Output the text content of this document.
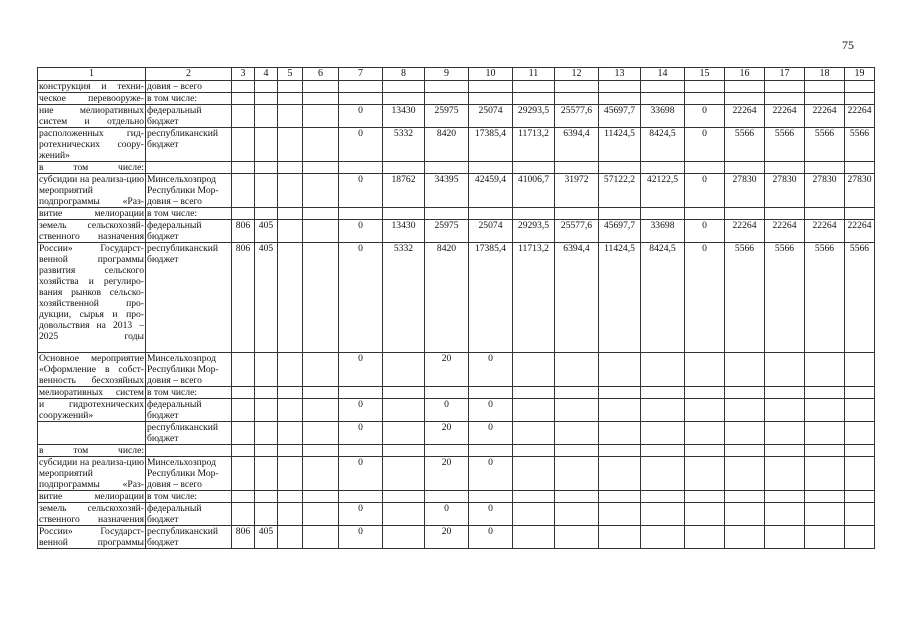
75
1	2	3	4	5	6	7	8	9	10	11	12	13	14	15	16	17	18	19
конструкция и техни-	довия – всего																	
ческое перевооруже-	в том числе:																	
ние мелиоративных систем и отдельно	федеральный бюджет					0	13430	25975	25074	29293,5	25577,6	45697,7	33698	0	22264	22264	22264	22264
расположенных гид-ротехнических соору-жений»	республиканский бюджет					0	5332	8420	17385,4	11713,2	6394,4	11424,5	8424,5	0	5566	5566	5566	5566
в том числе:																		
субсидии на реализа-цию мероприятий подпрограммы «Раз-	Минсельхозпрод Республики Мор-довия – всего					0	18762	34395	42459,4	41006,7	31972	57122,2	42122,5	0	27830	27830	27830	27830
витие мелиорации	в том числе:																	
земель сельскохозяй-ственного назначения	федеральный бюджет	806	405			0	13430	25975	25074	29293,5	25577,6	45697,7	33698	0	22264	22264	22264	22264
России» Государст-венной программы развития сельского хозяйства и регулиро-вания рынков сельско-хозяйственной про-дукции, сырья и про-довольствия на 2013 – 2025 годы	республиканский бюджет	806	405			0	5332	8420	17385,4	11713,2	6394,4	11424,5	8424,5	0	5566	5566	5566	5566
Основное мероприятие «Оформление в собст-венность бесхозяйных	Минсельхозпрод Республики Мор-довия – всего					0		20	0									
мелиоративных систем	в том числе:																	
и гидротехнических сооружений»	федеральный бюджет					0		0	0									
	республиканский бюджет					0		20	0									
в том числе:																		
субсидии на реализа-цию мероприятий подпрограммы «Раз-	Минсельхозпрод Республики Мор-довия – всего					0		20	0									
витие мелиорации	в том числе:																	
земель сельскохозяй-ственного назначения	федеральный бюджет					0		0	0									
России» Государст-венной программы	республиканский бюджет	806	405			0		20	0									
